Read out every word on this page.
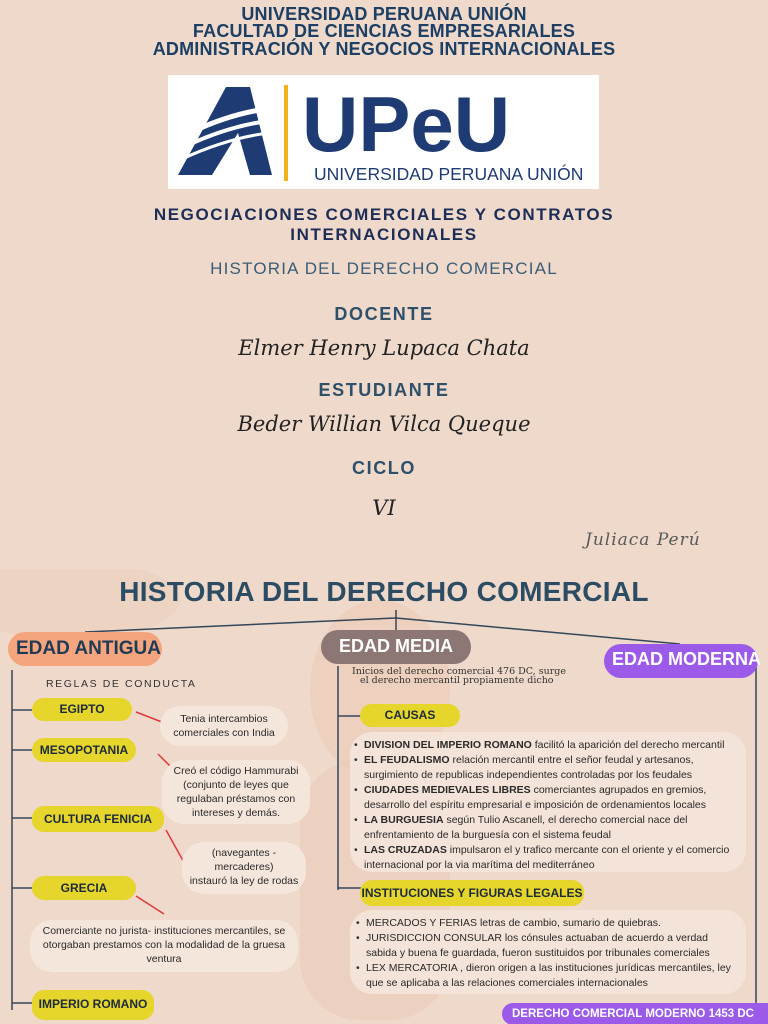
UNIVERSIDAD PERUANA UNIÓN
FACULTAD DE CIENCIAS EMPRESARIALES
ADMINISTRACIÓN Y NEGOCIOS INTERNACIONALES
UPeU
UNIVERSIDAD PERUANA UNIÓN
NEGOCIACIONES COMERCIALES Y CONTRATOS
INTERNACIONALES
HISTORIA DEL DERECHO COMERCIAL
DOCENTE
Elmer Henry Lupaca Chata
ESTUDIANTE
Beder Willian Vilca Queque
CICLO
VI
Juliaca Perú
HISTORIA DEL DERECHO COMERCIAL
EDAD ANTIGUA
REGLAS DE CONDUCTA
EGIPTO
Tenia intercambios comerciales con India
MESOPOTANIA
Creó el código Hammurabi (conjunto de leyes que regulaban préstamos con intereses y demás.
CULTURA FENICIA
(navegantes -
mercaderes)
instauró la ley de rodas
GRECIA
Comerciante no jurista- instituciones mercantiles, se otorgaban prestamos con la modalidad de la gruesa ventura
IMPERIO ROMANO
EDAD MEDIA
Inicios del derecho comercial 476 DC, surge
el derecho mercantil propiamente dicho
CAUSAS
• DIVISION DEL IMPERIO ROMANO facilitó la aparición del derecho mercantil
• EL FEUDALISMO relación mercantil entre el señor feudal y artesanos, surgimiento de republicas independientes controladas por los feudales
• CIUDADES MEDIEVALES LIBRES comerciantes agrupados en gremios, desarrollo del espíritu empresarial e imposición de ordenamientos locales
• LA BURGUESIA según Tulio Ascanell, el derecho comercial nace del enfrentamiento de la burguesía con el sistema feudal
• LAS CRUZADAS impulsaron el y trafico mercante con el oriente y el comercio internacional por la via marítima del mediterráneo
INSTITUCIONES Y FIGURAS LEGALES
• MERCADOS Y FERIAS letras de cambio, sumario de quiebras.
• JURISDICCION CONSULAR los cónsules actuaban de acuerdo a verdad sabida y buena fe guardada, fueron sustituidos por tribunales comerciales
• LEX MERCATORIA , dieron origen a las instituciones jurídicas mercantiles, ley que se aplicaba a las relaciones comerciales internacionales
EDAD MODERNA
DERECHO COMERCIAL MODERNO 1453 DC
